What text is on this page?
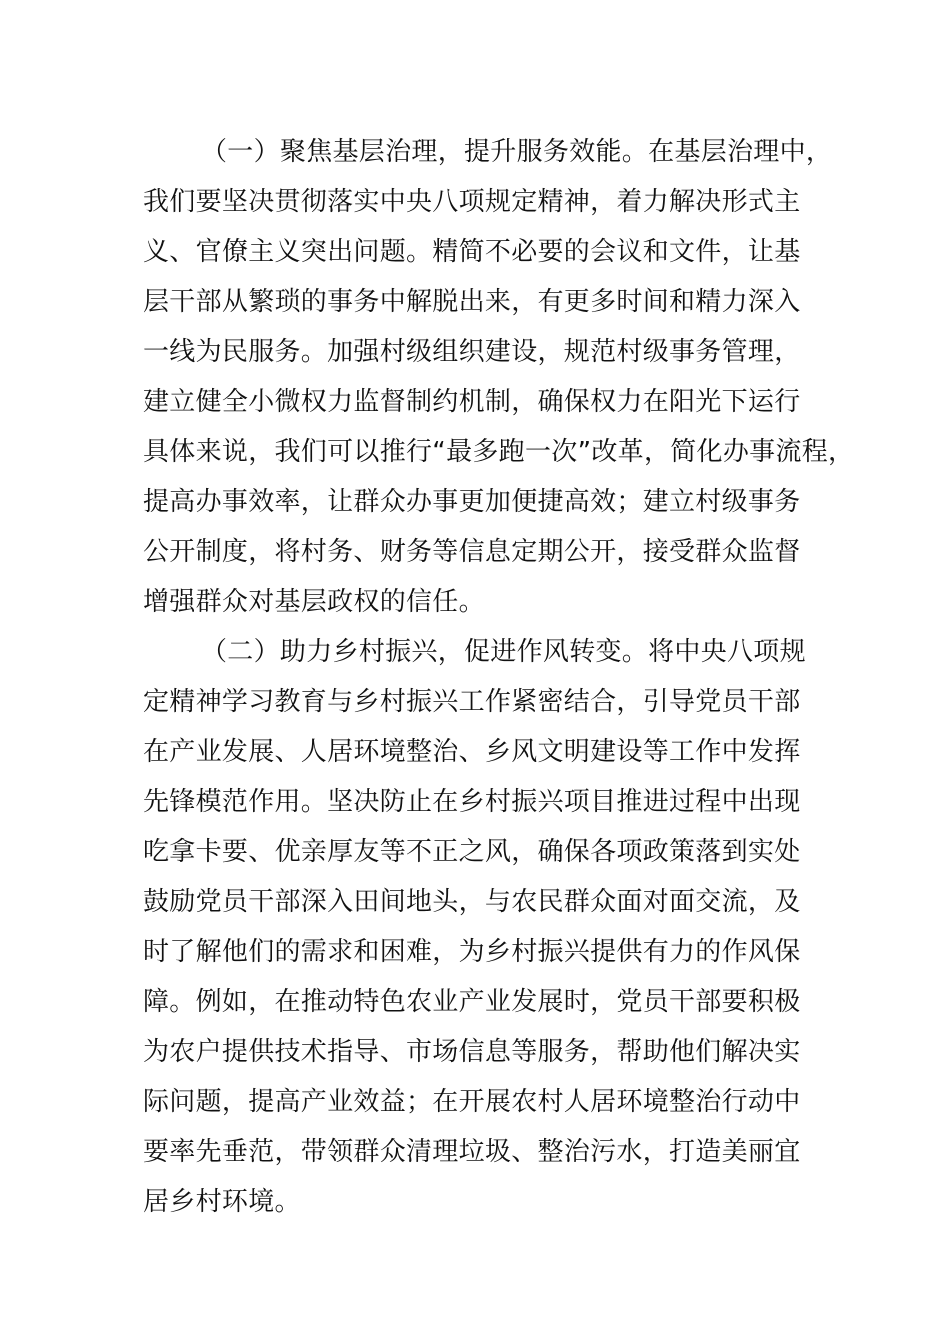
（一）聚焦基层治理，提升服务效能。在基层治理中，
我们要坚决贯彻落实中央八项规定精神，着力解决形式主
义、官僚主义突出问题。精简不必要的会议和文件，让基
层干部从繁琐的事务中解脱出来，有更多时间和精力深入
一线为民服务。加强村级组织建设，规范村级事务管理，
建立健全小微权力监督制约机制，确保权力在阳光下运行
具体来说，我们可以推行“最多跑一次”改革，简化办事流程，
提高办事效率，让群众办事更加便捷高效；建立村级事务
公开制度，将村务、财务等信息定期公开，接受群众监督
增强群众对基层政权的信任。
（二）助力乡村振兴，促进作风转变。将中央八项规
定精神学习教育与乡村振兴工作紧密结合，引导党员干部
在产业发展、人居环境整治、乡风文明建设等工作中发挥
先锋模范作用。坚决防止在乡村振兴项目推进过程中出现
吃拿卡要、优亲厚友等不正之风，确保各项政策落到实处
鼓励党员干部深入田间地头，与农民群众面对面交流，及
时了解他们的需求和困难，为乡村振兴提供有力的作风保
障。例如，在推动特色农业产业发展时，党员干部要积极
为农户提供技术指导、市场信息等服务，帮助他们解决实
际问题，提高产业效益；在开展农村人居环境整治行动中
要率先垂范，带领群众清理垃圾、整治污水，打造美丽宜
居乡村环境。
